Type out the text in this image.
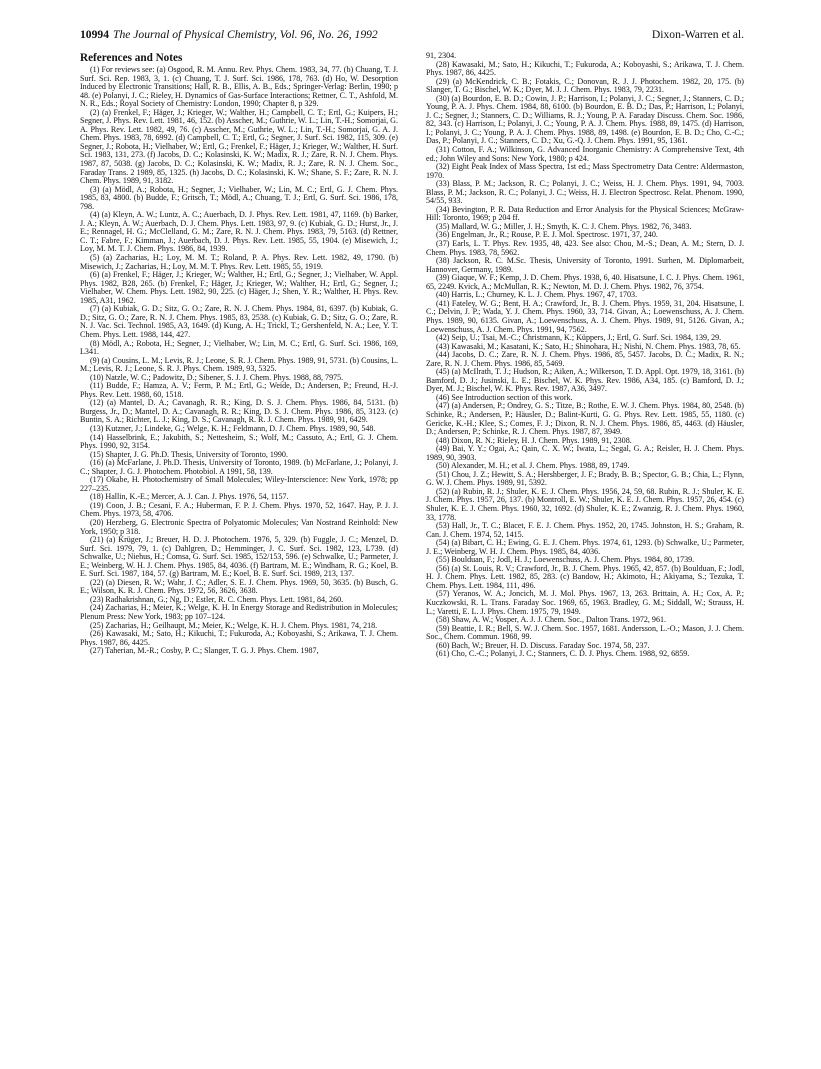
10994 The Journal of Physical Chemistry, Vol. 96, No. 26, 1992	Dixon-Warren et al.
References and Notes

(1) For reviews see: (a) Osgood, R. M. Annu. Rev. Phys. Chem. 1983, 34, 77. (b) Chuang, T. J. Surf. Sci. Rep. 1983, 3, 1. (c) Chuang, T. J. Surf. Sci. 1986, 178, 763. (d) Ho, W. Desorption Induced by Electronic Transitions; Hall, R. B., Ellis, A. B., Eds.; Springer-Verlag: Berlin, 1990; p 48. (e) Polanyi, J. C.; Rieley, H. Dynamics of Gas-Surface Interactions; Rettner, C. T., Ashfold, M. N. R., Eds.; Royal Society of Chemistry: London, 1990; Chapter 8, p 329.

(2) (a) Frenkel, F.; Häger, J.; Krieger, W.; Walther, H.; Campbell, C. T.; Ertl, G.; Kuipers, H.; Segner, J. Phys. Rev. Lett. 1981, 46, 152. (b) Asscher, M.; Guthrie, W. L.; Lin, T.-H.; Somorjai, G. A. Phys. Rev. Lett. 1982, 49, 76. (c) Asscher, M.; Guthrie, W. L.; Lin, T.-H.; Somorjai, G. A. J. Chem. Phys. 1983, 78, 6992. (d) Campbell, C. T.; Ertl, G.; Segner, J. Surf. Sci. 1982, 115, 309. (e) Segner, J.; Robota, H.; Vielhaber, W.; Ertl, G.; Frenkel, F.; Häger, J.; Krieger, W.; Walther, H. Surf. Sci. 1983, 131, 273. (f) Jacobs, D. C.; Kolasinski, K. W.; Madix, R. J.; Zare, R. N. J. Chem. Phys. 1987, 87, 5038. (g) Jacobs, D. C.; Kolasinski, K. W.; Madix, R. J.; Zare, R. N. J. Chem. Soc., Faraday Trans. 2 1989, 85, 1325. (h) Jacobs, D. C.; Kolasinski, K. W.; Shane, S. F.; Zare, R. N. J. Chem. Phys. 1989, 91, 3182.

(3) (a) Mödl, A.; Robota, H.; Segner, J.; Vielhaber, W.; Lin, M. C.; Ertl, G. J. Chem. Phys. 1985, 83, 4800. (b) Budde, F.; Gritsch, T.; Mödl, A.; Chuang, T. J.; Ertl, G. Surf. Sci. 1986, 178, 798.

(4) (a) Kleyn, A. W.; Luntz, A. C.; Auerbach, D. J. Phys. Rev. Lett. 1981, 47, 1169. (b) Barker, J. A.; Kleyn, A. W.; Auerbach, D. J. Chem. Phys. Lett. 1983, 97, 9. (c) Kubiak, G. D.; Hurst, Jr., J. E.; Rennagel, H. G.; McClelland, G. M.; Zare, R. N. J. Chem. Phys. 1983, 79, 5163. (d) Rettner, C. T.; Fabre, F.; Kimman, J.; Auerbach, D. J. Phys. Rev. Lett. 1985, 55, 1904. (e) Misewich, J.; Loy, M. M. T. J. Chem. Phys. 1986, 84, 1939.

(5) (a) Zacharias, H.; Loy, M. M. T.; Roland, P. A. Phys. Rev. Lett. 1982, 49, 1790. (b) Misewich, J.; Zacharias, H.; Loy, M. M. T. Phys. Rev. Lett. 1985, 55, 1919.

(6) (a) Frenkel, F.; Häger, J.; Krieger, W.; Walther, H.; Ertl, G.; Segner, J.; Vielhaber, W. Appl. Phys. 1982, B28, 265. (b) Frenkel, F.; Häger, J.; Krieger, W.; Walther, H.; Ertl, G.; Segner, J.; Vielhaber, W. Chem. Phys. Lett. 1982, 90, 225. (c) Häger, J.; Shen, Y. R.; Walther, H. Phys. Rev. 1985, A31, 1962.

(7) (a) Kubiak, G. D.; Sitz, G. O.; Zare, R. N. J. Chem. Phys. 1984, 81, 6397. (b) Kubiak, G. D.; Sitz, G. O.; Zare, R. N. J. Chem. Phys. 1985, 83, 2538. (c) Kubiak, G. D.; Sitz, G. O.; Zare, R. N. J. Vac. Sci. Technol. 1985, A3, 1649. (d) Kung, A. H.; Trickl, T.; Gershenfeld, N. A.; Lee, Y. T. Chem. Phys. Lett. 1988, 144, 427.

(8) Mödl, A.; Robota, H.; Segner, J.; Vielhaber, W.; Lin, M. C.; Ertl, G. Surf. Sci. 1986, 169, L341.

(9) (a) Cousins, L. M.; Levis, R. J.; Leone, S. R. J. Chem. Phys. 1989, 91, 5731. (b) Cousins, L. M.; Levis, R. J.; Leone, S. R. J. Phys. Chem. 1989, 93, 5325.

(10) Natzle, W. C.; Padowitz, D.; Sibener, S. J. J. Chem. Phys. 1988, 88, 7975.

(11) Budde, F.; Hamza, A. V.; Ferm, P. M.; Ertl, G.; Weide, D.; Andersen, P.; Freund, H.-J. Phys. Rev. Lett. 1988, 60, 1518.

(12) (a) Mantel, D. A.; Cavanagh, R. R.; King, D. S. J. Chem. Phys. 1986, 84, 5131. (b) Burgess, Jr., D.; Mantel, D. A.; Cavanagh, R. R.; King, D. S. J. Chem. Phys. 1986, 85, 3123. (c) Buntin, S. A.; Richter, L. J.; King, D. S.; Cavanagh, R. R. J. Chem. Phys. 1989, 91, 6429.

(13) Kutzner, J.; Lindeke, G.; Welge, K. H.; Feldmann, D. J. Chem. Phys. 1989, 90, 548.

(14) Hasselbrink, E.; Jakubith, S.; Nettesheim, S.; Wolf, M.; Cassuto, A.; Ertl, G. J. Chem. Phys. 1990, 92, 3154.

(15) Shapter, J. G. Ph.D. Thesis, University of Toronto, 1990.

(16) (a) McFarlane, J. Ph.D. Thesis, University of Toronto, 1989. (b) McFarlane, J.; Polanyi, J. C.; Shapter, J. G. J. Photochem. Photobiol. A 1991, 58, 139.

(17) Okabe, H. Photochemistry of Small Molecules; Wiley-Interscience: New York, 1978; pp 227–235.

(18) Hallin, K.-E.; Mercer, A. J. Can. J. Phys. 1976, 54, 1157.

(19) Coon, J. B.; Cesani, F. A.; Huberman, F. P. J. Chem. Phys. 1970, 52, 1647. Hay, P. J. J. Chem. Phys. 1973, 58, 4706.

(20) Herzberg, G. Electronic Spectra of Polyatomic Molecules; Van Nostrand Reinhold: New York, 1950; p 318.

(21) (a) Krüger, J.; Breuer, H. D. J. Photochem. 1976, 5, 329. (b) Fuggle, J. C.; Menzel, D. Surf. Sci. 1979, 79, 1. (c) Dahlgren, D.; Hemminger, J. C. Surf. Sci. 1982, 123, L739. (d) Schwalke, U.; Niehus, H.; Comsa, G. Surf. Sci. 1985, 152/153, 596. (e) Schwalke, U.; Parmeter, J. E.; Weinberg, W. H. J. Chem. Phys. 1985, 84, 4036. (f) Bartram, M. E.; Windham, R. G.; Koel, B. E. Surf. Sci. 1987, 184, 57. (g) Bartram, M. E.; Koel, B. E. Surf. Sci. 1989, 213, 137.

(22) (a) Diesen, R. W.; Wahr, J. C.; Adler, S. E. J. Chem. Phys. 1969, 50, 3635. (b) Busch, G. E.; Wilson, K. R. J. Chem. Phys. 1972, 56, 3626, 3638.

(23) Radhakrishnan, G.; Ng, D.; Estler, R. C. Chem. Phys. Lett. 1981, 84, 260.

(24) Zacharias, H.; Meier, K.; Welge, K. H. In Energy Storage and Redistribution in Molecules; Plenum Press: New York, 1983; pp 107–124.

(25) Zacharias, H.; Geilhaupt, M.; Meier, K.; Welge, K. H. J. Chem. Phys. 1981, 74, 218.

(26) Kawasaki, M.; Sato, H.; Kikuchi, T.; Fukuroda, A.; Koboyashi, S.; Arikawa, T. J. Chem. Phys. 1987, 86, 4425.

(27) Taherian, M.-R.; Cosby, P. C.; Slanger, T. G. J. Phys. Chem. 1987,

91, 2304.

(28) Kawasaki, M.; Sato, H.; Kikuchi, T.; Fukuroda, A.; Koboyashi, S.; Arikawa, T. J. Chem. Phys. 1987, 86, 4425.

(29) (a) McKendrick, C. B.; Fotakis, C.; Donovan, R. J. J. Photochem. 1982, 20, 175. (b) Slanger, T. G.; Bischel, W. K.; Dyer, M. J. J. Chem. Phys. 1983, 79, 2231.

(30) (a) Bourdon, E. B. D.; Cowin, J. P.; Harrison, I.; Polanyi, J. C.; Segner, J.; Stanners, C. D.; Young, P. A. J. Phys. Chem. 1984, 88, 6100. (b) Bourdon, E. B. D.; Das, P.; Harrison, I.; Polanyi, J. C.; Segner, J.; Stanners, C. D.; Williams, R. J.; Young, P. A. Faraday Discuss. Chem. Soc. 1986, 82, 343. (c) Harrison, I.; Polanyi, J. C.; Young, P. A. J. Chem. Phys. 1988, 89, 1475. (d) Harrison, I.; Polanyi, J. C.; Young, P. A. J. Chem. Phys. 1988, 89, 1498. (e) Bourdon, E. B. D.; Cho, C.-C.; Das, P.; Polanyi, J. C.; Stanners, C. D.; Xu, G.-Q. J. Chem. Phys. 1991, 95, 1361.

(31) Cotton, F. A.; Wilkinson, G. Advanced Inorganic Chemistry: A Comprehensive Text, 4th ed.; John Wiley and Sons: New York, 1980; p 424.

(32) Eight Peak Index of Mass Spectra, 1st ed.; Mass Spectrometry Data Centre: Aldermaston, 1970.

(33) Blass, P. M.; Jackson, R. C.; Polanyi, J. C.; Weiss, H. J. Chem. Phys. 1991, 94, 7003. Blass, P. M.; Jackson, R. C.; Polanyi, J. C.; Weiss, H. J. Electron Spectrosc. Relat. Phenom. 1990, 54/55, 933.

(34) Bevington, P. R. Data Reduction and Error Analysis for the Physical Sciences; McGraw-Hill: Toronto, 1969; p 204 ff.

(35) Mallard, W. G.; Miller, J. H.; Smyth, K. C. J. Chem. Phys. 1982, 76, 3483.

(36) Engelman, Jr., R.; Rouse, P. E. J. Mol. Spectrosc. 1971, 37, 240.

(37) Earls, L. T. Phys. Rev. 1935, 48, 423. See also: Chou, M.-S.; Dean, A. M.; Stern, D. J. Chem. Phys. 1983, 78, 5962.

(38) Jackson, R. C. M.Sc. Thesis, University of Toronto, 1991. Surhen, M. Diplomarbeit, Hannover, Germany, 1989.

(39) Giaque, W. F.; Kemp, J. D. Chem. Phys. 1938, 6, 40. Hisatsune, I. C. J. Phys. Chem. 1961, 65, 2249. Kvick, A.; McMullan, R. K.; Newton, M. D. J. Chem. Phys. 1982, 76, 3754.

(40) Harris, L.; Churney, K. L. J. Chem. Phys. 1967, 47, 1703.

(41) Fateley, W. G.; Bent, H. A.; Crawford, Jr., B. J. Chem. Phys. 1959, 31, 204. Hisatsune, I. C.; Delvin, J. P.; Wada, Y. J. Chem. Phys. 1960, 33, 714. Givan, A.; Loewenschuss, A. J. Chem. Phys. 1989, 90, 6135. Givan, A.; Loewenschuss, A. J. Chem. Phys. 1989, 91, 5126. Givan, A.; Loewenschuss, A. J. Chem. Phys. 1991, 94, 7562.

(42) Seip, U.; Tsai, M.-C.; Christmann, K.; Küppers, J.; Ertl, G. Surf. Sci. 1984, 139, 29.

(43) Kawasaki, M.; Kasatani, K.; Sato, H.; Shinohara, H.; Nishi, N. Chem. Phys. 1983, 78, 65.

(44) Jacobs, D. C.; Zare, R. N. J. Chem. Phys. 1986, 85, 5457. Jacobs, D. C.; Madix, R. N.; Zare, R. N. J. Chem. Phys. 1986, 85, 5469.

(45) (a) McIlrath, T. J.; Hudson, R.; Aiken, A.; Wilkerson, T. D. Appl. Opt. 1979, 18, 3161. (b) Bamford, D. J.; Jusinski, L. E.; Bischel, W. K. Phys. Rev. 1986, A34, 185. (c) Bamford, D. J.; Dyer, M. J.; Bischel, W. K. Phys. Rev. 1987, A36, 3497.

(46) See Introduction section of this work.

(47) (a) Andersen, P.; Ondrey, G. S.; Titze, B.; Rothe, E. W. J. Chem. Phys. 1984, 80, 2548. (b) Schinke, R.; Andersen, P.; Häusler, D.; Balint-Kurti, G. G. Phys. Rev. Lett. 1985, 55, 1180. (c) Gericke, K.-H.; Klee, S.; Comes, F. J.; Dixon, R. N. J. Chem. Phys. 1986, 85, 4463. (d) Häusler, D.; Andersen, P.; Schinke, R. J. Chem. Phys. 1987, 87, 3949.

(48) Dixon, R. N.; Rieley, H. J. Chem. Phys. 1989, 91, 2308.

(49) Bai, Y. Y.; Ogai, A.; Qain, C. X. W.; Iwata, L.; Segal, G. A.; Reisler, H. J. Chem. Phys. 1989, 90, 3903.

(50) Alexander, M. H.; et al. J. Chem. Phys. 1988, 89, 1749.

(51) Chou, J. Z.; Hewitt, S. A.; Hershberger, J. F.; Brady, B. B.; Spector, G. B.; Chia, L.; Flynn, G. W. J. Chem. Phys. 1989, 91, 5392.

(52) (a) Rubin, R. J.; Shuler, K. E. J. Chem. Phys. 1956, 24, 59, 68. Rubin, R. J.; Shuler, K. E. J. Chem. Phys. 1957, 26, 137. (b) Montroll, E. W.; Shuler, K. E. J. Chem. Phys. 1957, 26, 454. (c) Shuler, K. E. J. Chem. Phys. 1960, 32, 1692. (d) Shuler, K. E.; Zwanzig, R. J. Chem. Phys. 1960, 33, 1778.

(53) Hall, Jr., T. C.; Blacet, F. E. J. Chem. Phys. 1952, 20, 1745. Johnston, H. S.; Graham, R. Can. J. Chem. 1974, 52, 1415.

(54) (a) Bibart, C. H.; Ewing, G. E. J. Chem. Phys. 1974, 61, 1293. (b) Schwalke, U.; Parmeter, J. E.; Weinberg, W. H. J. Chem. Phys. 1985, 84, 4036.

(55) Boulduan, F.; Jodl, H. J.; Loewenschuss, A. J. Chem. Phys. 1984, 80, 1739.

(56) (a) St. Louis, R. V.; Crawford, Jr., B. J. Chem. Phys. 1965, 42, 857. (b) Boulduan, F.; Jodl, H. J. Chem. Phys. Lett. 1982, 85, 283. (c) Bandow, H.; Akimoto, H.; Akiyama, S.; Tezuka, T. Chem. Phys. Lett. 1984, 111, 496.

(57) Yeranos, W. A.; Joncich, M. J. Mol. Phys. 1967, 13, 263. Brittain, A. H.; Cox, A. P.; Kuczkowski, R. L. Trans. Faraday Soc. 1969, 65, 1963. Bradley, G. M.; Siddall, W.; Strauss, H. L.; Varetti, E. L. J. Phys. Chem. 1975, 79, 1949.

(58) Shaw, A. W.; Vosper, A. J. J. Chem. Soc., Dalton Trans. 1972, 961.

(59) Beattie, I. R.; Bell, S. W. J. Chem. Soc. 1957, 1681. Andersson, L.-O.; Mason, J. J. Chem. Soc., Chem. Commun. 1968, 99.

(60) Bach, W.; Breuer, H. D. Discuss. Faraday Soc. 1974, 58, 237.

(61) Cho, C.-C.; Polanyi, J. C.; Stanners, C. D. J. Phys. Chem. 1988, 92, 6859.
